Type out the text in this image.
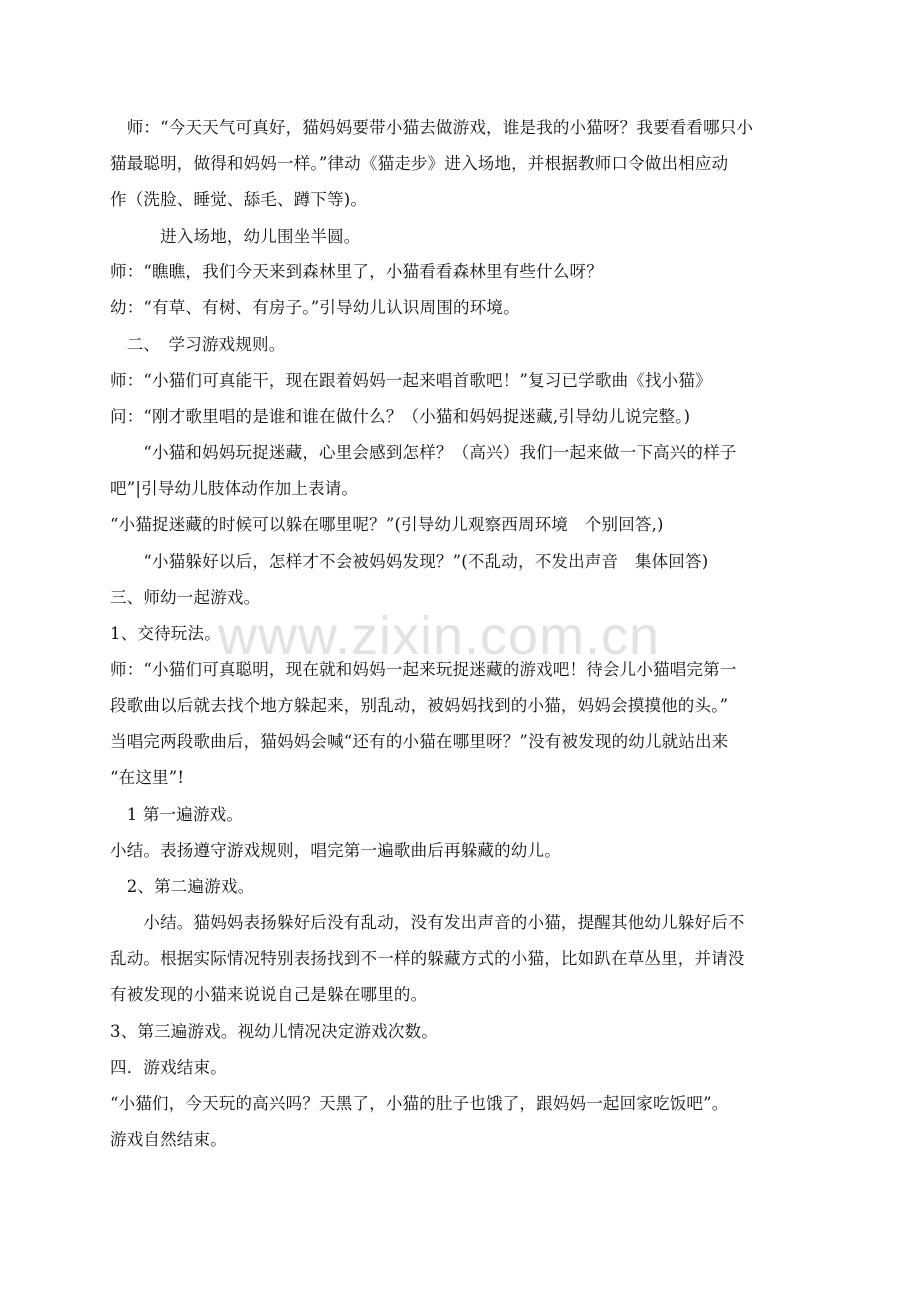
www.zixin.com.cn
　师：“今天天气可真好，猫妈妈要带小猫去做游戏，谁是我的小猫呀？我要看看哪只小
猫最聪明，做得和妈妈一样。”律动《猫走步》进入场地，并根据教师口令做出相应动
作（洗脸、睡觉、舔毛、蹲下等)。
　　　进入场地，幼儿围坐半圆。
师：“瞧瞧，我们今天来到森林里了，小猫看看森林里有些什么呀？
幼：“有草、有树、有房子。”引导幼儿认识周围的环境。
　二、　学习游戏规则。
师：“小猫们可真能干，现在跟着妈妈一起来唱首歌吧！”复习已学歌曲《找小猫》
问：“刚才歌里唱的是谁和谁在做什么？（小猫和妈妈捉迷藏,引导幼儿说完整。)
　　“小猫和妈妈玩捉迷藏，心里会感到怎样？（高兴）我们一起来做一下高兴的样子
吧”|引导幼儿肢体动作加上表请。
“小猫捉迷藏的时候可以躲在哪里呢？”(引导幼儿观察西周环境　个别回答,)
　　“小猫躲好以后，怎样才不会被妈妈发现？”(不乱动，不发出声音　集体回答)
三、师幼一起游戏。
1、交待玩法。
师：“小猫们可真聪明，现在就和妈妈一起来玩捉迷藏的游戏吧！待会儿小猫唱完第一
段歌曲以后就去找个地方躲起来，别乱动，被妈妈找到的小猫，妈妈会摸摸他的头。”
当唱完两段歌曲后，猫妈妈会喊“还有的小猫在哪里呀？”没有被发现的幼儿就站出来
“在这里”!
　1 第一遍游戏。
小结。表扬遵守游戏规则，唱完第一遍歌曲后再躲藏的幼儿。
　2、第二遍游戏。
　　小结。猫妈妈表扬躲好后没有乱动，没有发出声音的小猫，提醒其他幼儿躲好后不
乱动。根据实际情况特别表扬找到不一样的躲藏方式的小猫，比如趴在草丛里，并请没
有被发现的小猫来说说自己是躲在哪里的。
3、第三遍游戏。视幼儿情况决定游戏次数。
四．游戏结束。
“小猫们，今天玩的高兴吗？天黑了，小猫的肚子也饿了，跟妈妈一起回家吃饭吧”。
游戏自然结束。
